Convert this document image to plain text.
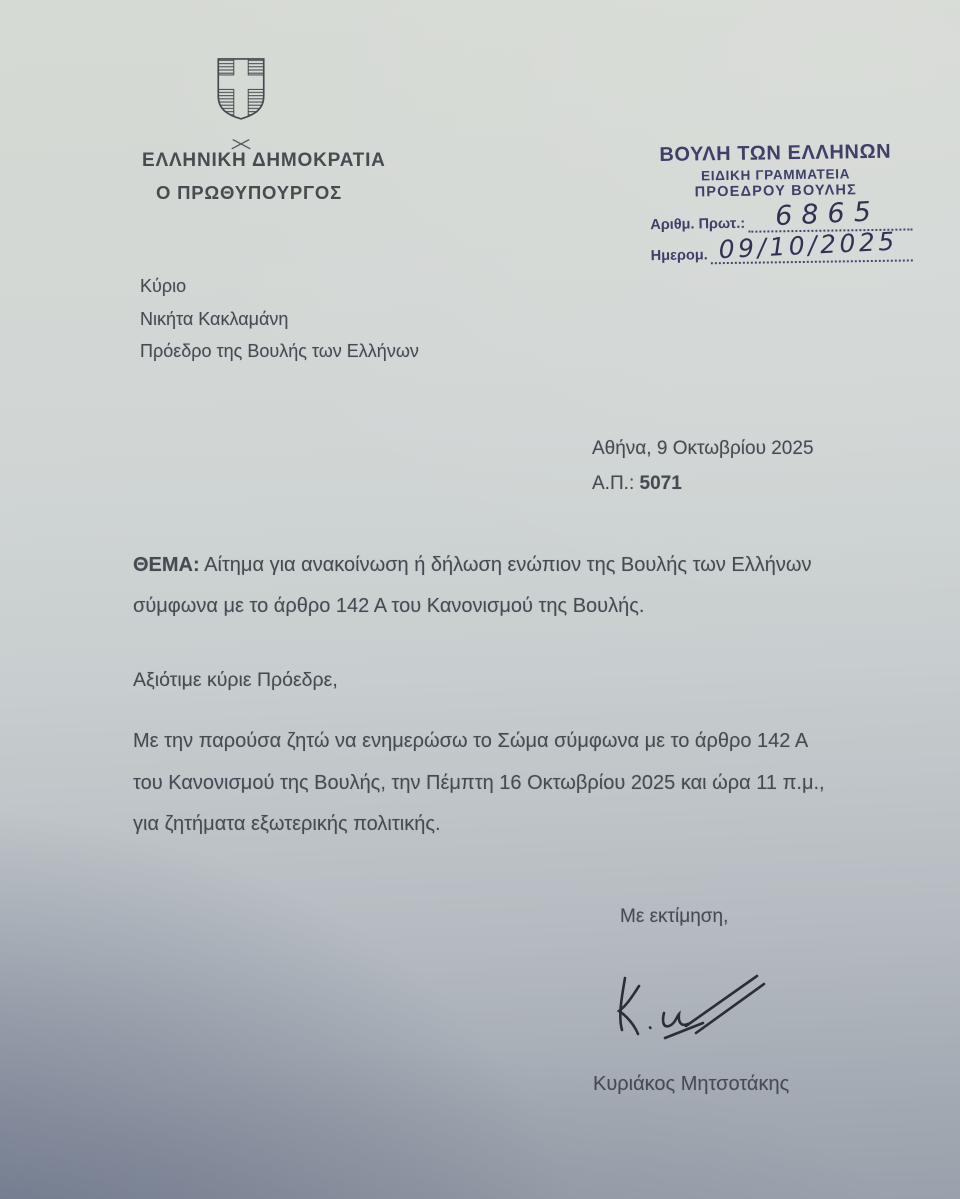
ΕΛΛΗΝΙΚΗ ΔΗΜΟΚΡΑΤΙΑ
Ο ΠΡΩΘΥΠΟΥΡΓΟΣ
ΒΟΥΛΗ ΤΩΝ ΕΛΛΗΝΩΝ
ΕΙΔΙΚΗ ΓΡΑΜΜΑΤΕΙΑ
ΠΡΟΕΔΡΟΥ ΒΟΥΛΗΣ
Αριθμ. Πρωτ.: 6865
Ημερομ. 09/10/2025
Κύριο
Νικήτα Κακλαμάνη
Πρόεδρο της Βουλής των Ελλήνων
Αθήνα, 9 Οκτωβρίου 2025
Α.Π.: 5071
ΘΕΜΑ: Αίτημα για ανακοίνωση ή δήλωση ενώπιον της Βουλής των Ελλήνων
σύμφωνα με το άρθρο 142 Α του Κανονισμού της Βουλής.
Αξιότιμε κύριε Πρόεδρε,
Με την παρούσα ζητώ να ενημερώσω το Σώμα σύμφωνα με το άρθρο 142 Α
του Κανονισμού της Βουλής, την Πέμπτη 16 Οκτωβρίου 2025 και ώρα 11 π.μ.,
για ζητήματα εξωτερικής πολιτικής.
Με εκτίμηση,
Κυριάκος Μητσοτάκης
